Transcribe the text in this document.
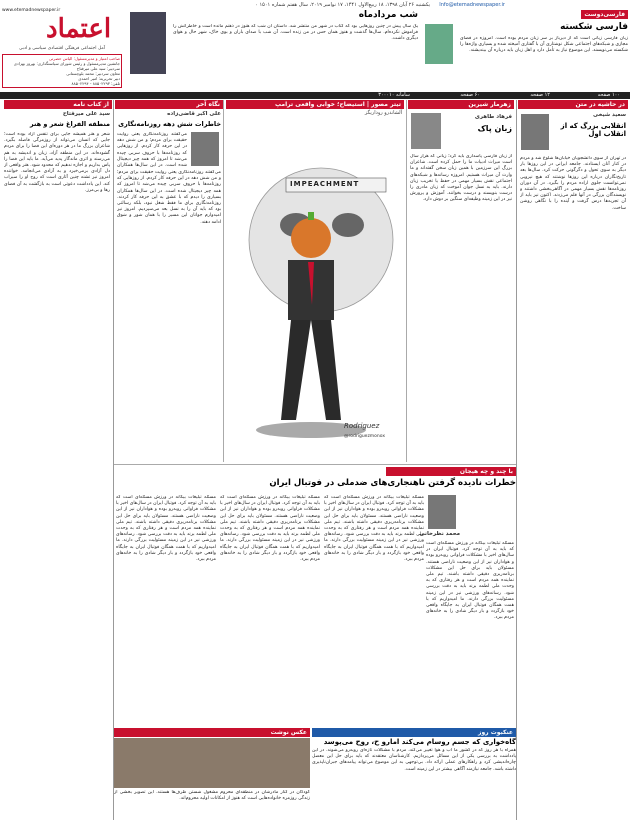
یکشنبه ۲۶ آبان ۱۳۹۸، ۱۸ ربیع‌الاول ۱۴۴۱، ۱۷ نوامبر ۲۰۱۹، سال هفتم شماره ۱۵۰۱ ۰ Info@etemadnewspaper.ir
www.etemadnewspaper.ir
اعتماد
آمل اجتماعی فرهنگی اقتصادی سیاسی و ادبی
صاحب امتیاز و مدیرمسئول: الیاس حضرتی
جانشین مدیرمسئول و رئیس شورای سیاستگذاری: بهروز بهزادی
سردبیر: سید علی میرفتاح
معاون سردبیر: محمد بلوچستانی
دبیر تحریریه: امیر احمدی
تلفن: ۸۸۵۰۲۲۹۳ - ۸۸۵۰۲۲۹۴
شب مردادماه
یک سال پیش در چنین روزهایی بود که کتاب در شهر من منتشر شد. داستان آن شب که هنوز در ذهنم مانده است و خاطراتش را فراموش نکرده‌ام. سال‌ها گذشت و هنوز همان حس در من زنده است. آن شب با صدای باران و بوی خاک، شهر حال و هوای دیگری داشت.
فارسی‌دوست
فارسی شکسته
زبان فارسی زبانی است که از دیرباز بر سر زبان مردم بوده است. امروزه در فضای مجازی و شبکه‌های اجتماعی شکل نوشتاری آن با گفتاری آمیخته شده و بسیاری واژه‌ها را شکسته می‌نویسند. این موضوع نیاز به تأمل دارد و اهل زبان باید درباره آن بیندیشند.
۱۰۰ صفحه
۱۲ صفحه
۶۰ صفحه
سامانه ۳۰۰۰۱۰
در حاشیه در متن
سعید شیخی
انقلابی بزرگ که از انقلاب اول
در تهران از سوی دانشجویان خیابان‌ها شلوغ شد و مردم در کنار آنان ایستادند. جامعه ایرانی در این روزها بار دیگر به سوی تحول و دگرگونی حرکت کرد. سال‌ها بعد تاریخ‌نگاران درباره این روزها نوشتند که هیچ نیرویی نمی‌توانست جلوی اراده مردم را بگیرد. در آن دوران روزنامه‌ها نقش بسیار مهمی در آگاهی‌بخشی داشتند و نویسندگان بزرگی در آنها قلم می‌زدند. اکنون نیز باید از آن تجربه‌ها درس گرفت و آینده را با نگاهی روشن ساخت.
زهرمار شیرین
فرهاد طاهری
زبان پاک
از زبان فارسی پاسداری باید کرد؛ زبانی که هزار سال است میراث ادبیات ما را حمل کرده است. شاعران بزرگ این سرزمین با همین زبان سخن گفته‌اند و ما وارث آن میراث هستیم. امروزه رسانه‌ها و شبکه‌های اجتماعی نقش بسیار مهمی در حفظ یا تخریب زبان دارند. باید به نسل جوان آموخت که زبان مادری را درست بنویسند و درست بخوانند. آموزش و پرورش نیز در این زمینه وظیفه‌ای سنگین بر دوش دارد.
تیتر مصور | استیضاح؛ خوابی واقعی ترامپ
آلشاندرو روداریگز
IMPEACHMENT
Rodriguez
@rodriguezmonox
نگاه آخر
علی اکبر قاضی‌زاده
خاطرات شش دهه روزنامه‌نگاری
می‌گفتند روزنامه‌نگاری یعنی روایت حقیقت برای مردم؛ و من شش دهه در این حرفه کار کردم. از روزهایی که روزنامه‌ها با حروف سربی چیده می‌شد تا امروز که همه چیز دیجیتال شده است. در این سال‌ها همکاران
می‌گفتند روزنامه‌نگاری یعنی روایت حقیقت برای مردم؛ و من شش دهه در این حرفه کار کردم. از روزهایی که روزنامه‌ها با حروف سربی چیده می‌شد تا امروز که همه چیز دیجیتال شده است. در این سال‌ها همکاران بسیاری را دیدم که با عشق به این حرفه کار کردند. روزنامه‌نگاری برای ما فقط شغل نبود، بلکه رسالتی بود که باید آن را به نسل بعد می‌سپردیم. امروز نیز امیدوارم جوانان این مسیر را با همان شور و شوق ادامه دهند.
از کتاب نامه
سید علی میرفتاح
منطقه الفراغ شعر و هنر
شعر و هنر همیشه جایی برای تنفس آزاد بوده است؛ جایی که انسان می‌تواند از روزمرگی فاصله بگیرد. شاعران بزرگ ما در هر دوره‌ای این فضا را برای مردم گشوده‌اند. در این منطقه آزاد، زبان و اندیشه به هم می‌رسند و اثری ماندگار پدید می‌آید. ما باید این فضا را پاس بداریم و اجازه ندهیم که محدود شود. هنر واقعی از دل آزادی برمی‌خیزد و به آزادی می‌انجامد. خواننده امروز نیز تشنه چنین آثاری است که روح او را سیراب کند. این یادداشت دعوتی است به بازگشت به آن فضای رها و بی‌مرز.
با چند و چه هیجان
خطرات نادیده گرفتن ناهنجاری‌های ضدملی در فوتبال ایران
محمد نظرخانی
مسئله تبلیغات بیگانه در ورزش مسئله‌ای است که باید به آن توجه کرد. فوتبال ایران در سال‌های اخیر با مشکلات فراوانی روبه‌رو بوده و هواداران نیز از این وضعیت ناراضی هستند. مسئولان باید برای حل این مشکلات برنامه‌ریزی دقیقی داشته باشند. تیم ملی نماینده همه مردم است و هر رفتاری که به وحدت ملی لطمه بزند باید به دقت بررسی شود. رسانه‌های ورزشی نیز در این زمینه مسئولیت بزرگی دارند. ما امیدواریم که با همت همگان فوتبال ایران به جایگاه واقعی خود بازگردد و بار دیگر شادی را به خانه‌های مردم ببرد.
مسئله تبلیغات بیگانه در ورزش مسئله‌ای است که باید به آن توجه کرد. فوتبال ایران در سال‌های اخیر با مشکلات فراوانی روبه‌رو بوده و هواداران نیز از این وضعیت ناراضی هستند. مسئولان باید برای حل این مشکلات برنامه‌ریزی دقیقی داشته باشند. تیم ملی نماینده همه مردم است و هر رفتاری که به وحدت ملی لطمه بزند باید به دقت بررسی شود. رسانه‌های ورزشی نیز در این زمینه مسئولیت بزرگی دارند. ما امیدواریم که با همت همگان فوتبال ایران به جایگاه واقعی خود بازگردد و بار دیگر شادی را به خانه‌های مردم ببرد.
مسئله تبلیغات بیگانه در ورزش مسئله‌ای است که باید به آن توجه کرد. فوتبال ایران در سال‌های اخیر با مشکلات فراوانی روبه‌رو بوده و هواداران نیز از این وضعیت ناراضی هستند. مسئولان باید برای حل این مشکلات برنامه‌ریزی دقیقی داشته باشند. تیم ملی نماینده همه مردم است و هر رفتاری که به وحدت ملی لطمه بزند باید به دقت بررسی شود. رسانه‌های ورزشی نیز در این زمینه مسئولیت بزرگی دارند. ما امیدواریم که با همت همگان فوتبال ایران به جایگاه واقعی خود بازگردد و بار دیگر شادی را به خانه‌های مردم ببرد.
مسئله تبلیغات بیگانه در ورزش مسئله‌ای است که باید به آن توجه کرد. فوتبال ایران در سال‌های اخیر با مشکلات فراوانی روبه‌رو بوده و هواداران نیز از این وضعیت ناراضی هستند. مسئولان باید برای حل این مشکلات برنامه‌ریزی دقیقی داشته باشند. تیم ملی نماینده همه مردم است و هر رفتاری که به وحدت ملی لطمه بزند باید به دقت بررسی شود. رسانه‌های ورزشی نیز در این زمینه مسئولیت بزرگی دارند. ما امیدواریم که با همت همگان فوتبال ایران به جایگاه واقعی خود بازگردد و بار دیگر شادی را به خانه‌های مردم ببرد.
عکس نوشت
کودکان در کنار مادرشان در منطقه‌ای محروم مشغول شستن ظرف‌ها هستند. این تصویر بخشی از زندگی روزمره خانواده‌هایی است که هنوز از امکانات اولیه محروم‌اند.
عنکبوت روز
گاه‌خواری که جسم روسام می‌کند امارو ح، روح می‌پوسد
همراه با هر روز که در کشور ما آب و هوا تغییر می‌کند، مردم با مشکلات تازه‌ای روبه‌رو می‌شوند. در این یادداشت به بررسی یکی از این مسائل می‌پردازیم. کارشناسان معتقدند که باید برای حل این معضل چاره‌اندیشی کرد و راهکارهای عملی ارائه داد. بی‌توجهی به این موضوع می‌تواند پیامدهای جبران‌ناپذیری داشته باشد. جامعه نیازمند آگاهی بیشتر در این زمینه است.
